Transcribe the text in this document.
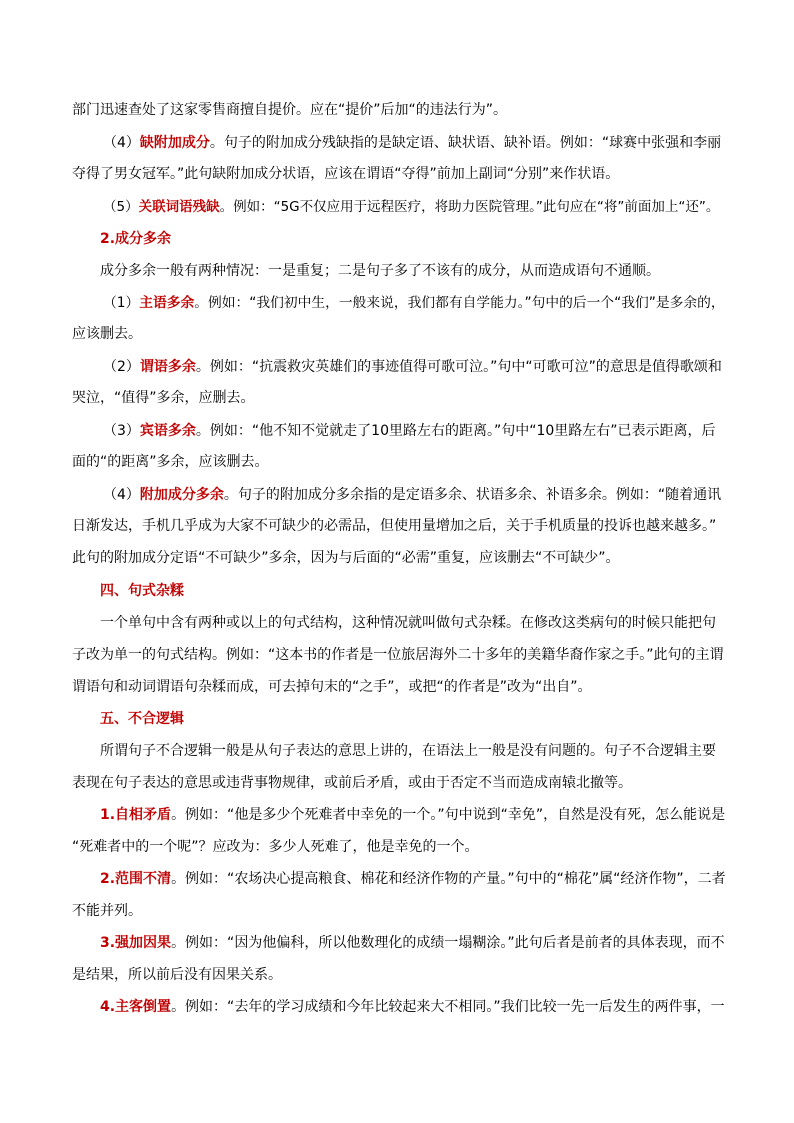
部门迅速查处了这家零售商擅自提价。应在“提价”后加“的违法行为”。
（4）缺附加成分。句子的附加成分残缺指的是缺定语、缺状语、缺补语。例如：“球赛中张强和李丽
夺得了男女冠军。”此句缺附加成分状语，应该在谓语“夺得”前加上副词“分别”来作状语。
（5）关联词语残缺。例如：“5G不仅应用于远程医疗，将助力医院管理。”此句应在“将”前面加上“还”。
2.成分多余
成分多余一般有两种情况：一是重复；二是句子多了不该有的成分，从而造成语句不通顺。
（1）主语多余。例如：“我们初中生，一般来说，我们都有自学能力。”句中的后一个“我们”是多余的，
应该删去。
（2）谓语多余。例如：“抗震救灾英雄们的事迹值得可歌可泣。”句中“可歌可泣”的意思是值得歌颂和
哭泣，“值得”多余，应删去。
（3）宾语多余。例如：“他不知不觉就走了10里路左右的距离。”句中“10里路左右”已表示距离，后
面的“的距离”多余，应该删去。
（4）附加成分多余。句子的附加成分多余指的是定语多余、状语多余、补语多余。例如：“随着通讯
日渐发达，手机几乎成为大家不可缺少的必需品，但使用量增加之后，关于手机质量的投诉也越来越多。”
此句的附加成分定语“不可缺少”多余，因为与后面的“必需”重复，应该删去“不可缺少”。
四、句式杂糅
一个单句中含有两种或以上的句式结构，这种情况就叫做句式杂糅。在修改这类病句的时候只能把句
子改为单一的句式结构。例如：“这本书的作者是一位旅居海外二十多年的美籍华裔作家之手。”此句的主谓
谓语句和动词谓语句杂糅而成，可去掉句末的“之手”，或把“的作者是”改为“出自”。
五、不合逻辑
所谓句子不合逻辑一般是从句子表达的意思上讲的，在语法上一般是没有问题的。句子不合逻辑主要
表现在句子表达的意思或违背事物规律，或前后矛盾，或由于否定不当而造成南辕北撤等。
1.自相矛盾。例如：“他是多少个死难者中幸免的一个。”句中说到“幸免”，自然是没有死，怎么能说是
“死难者中的一个呢”？应改为：多少人死难了，他是幸免的一个。
2.范围不清。例如：“农场决心提高粮食、棉花和经济作物的产量。”句中的“棉花”属“经济作物”，二者
不能并列。
3.强加因果。例如：“因为他偏科，所以他数理化的成绩一塌糊涂。”此句后者是前者的具体表现，而不
是结果，所以前后没有因果关系。
4.主客倒置。例如：“去年的学习成绩和今年比较起来大不相同。”我们比较一先一后发生的两件事，一
